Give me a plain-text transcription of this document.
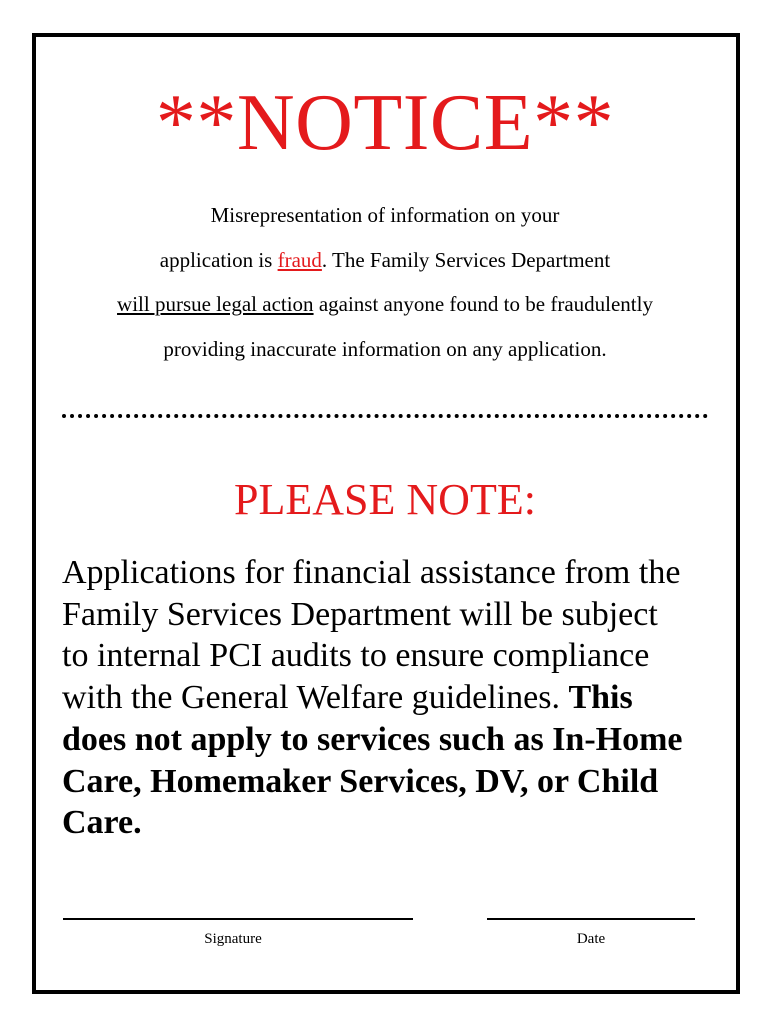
**NOTICE**
Misrepresentation of information on your
application is fraud. The Family Services Department
will pursue legal action against anyone found to be fraudulently
providing inaccurate information on any application.
PLEASE NOTE:
Applications for financial assistance from the
Family Services Department will be subject
to internal PCI audits to ensure compliance
with the General Welfare guidelines. This
does not apply to services such as In-Home
Care, Homemaker Services, DV, or Child
Care.
Signature	Date
